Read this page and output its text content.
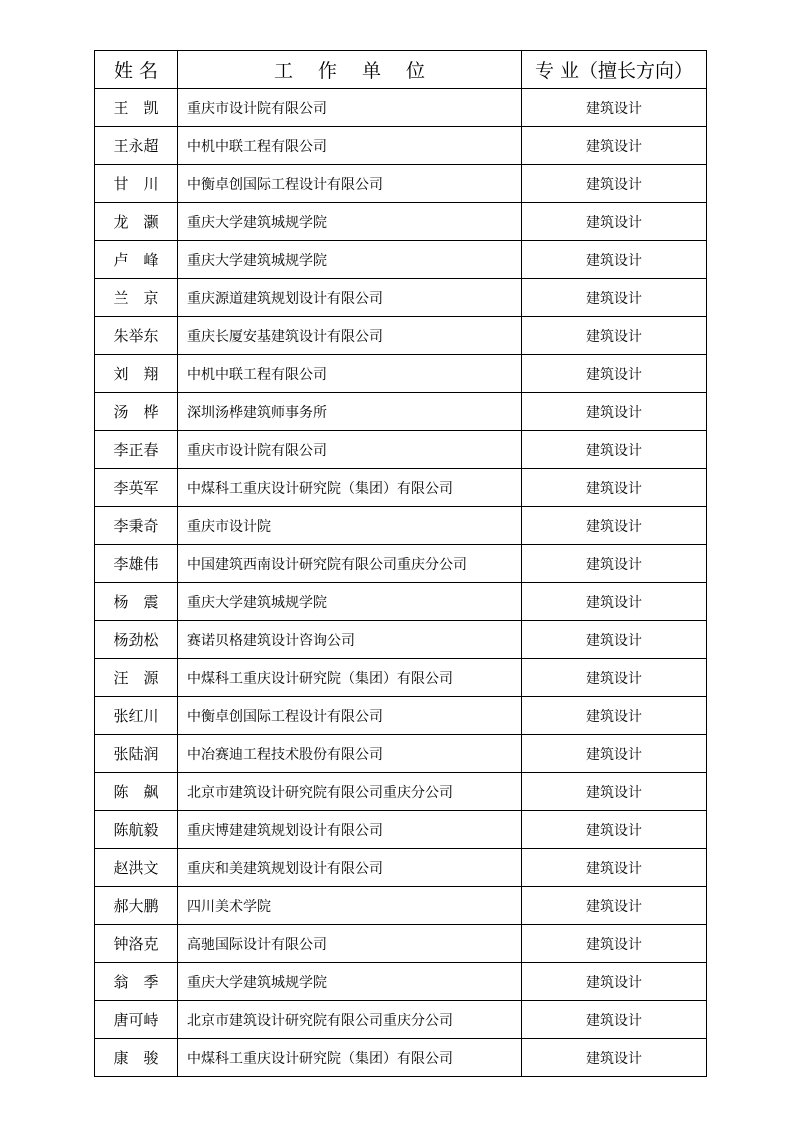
姓 名	工　 作　 单　 位	专 业（擅长方向）
王　凯	重庆市设计院有限公司	建筑设计
王永超	中机中联工程有限公司	建筑设计
甘　川	中衡卓创国际工程设计有限公司	建筑设计
龙　灏	重庆大学建筑城规学院	建筑设计
卢　峰	重庆大学建筑城规学院	建筑设计
兰　京	重庆源道建筑规划设计有限公司	建筑设计
朱举东	重庆长厦安基建筑设计有限公司	建筑设计
刘　翔	中机中联工程有限公司	建筑设计
汤　桦	深圳汤桦建筑师事务所	建筑设计
李正春	重庆市设计院有限公司	建筑设计
李英军	中煤科工重庆设计研究院（集团）有限公司	建筑设计
李秉奇	重庆市设计院	建筑设计
李雄伟	中国建筑西南设计研究院有限公司重庆分公司	建筑设计
杨　震	重庆大学建筑城规学院	建筑设计
杨劲松	赛诺贝格建筑设计咨询公司	建筑设计
汪　源	中煤科工重庆设计研究院（集团）有限公司	建筑设计
张红川	中衡卓创国际工程设计有限公司	建筑设计
张陆润	中冶赛迪工程技术股份有限公司	建筑设计
陈　飙	北京市建筑设计研究院有限公司重庆分公司	建筑设计
陈航毅	重庆博建建筑规划设计有限公司	建筑设计
赵洪文	重庆和美建筑规划设计有限公司	建筑设计
郝大鹏	四川美术学院	建筑设计
钟洛克	高驰国际设计有限公司	建筑设计
翁　季	重庆大学建筑城规学院	建筑设计
唐可峙	北京市建筑设计研究院有限公司重庆分公司	建筑设计
康　骏	中煤科工重庆设计研究院（集团）有限公司	建筑设计
